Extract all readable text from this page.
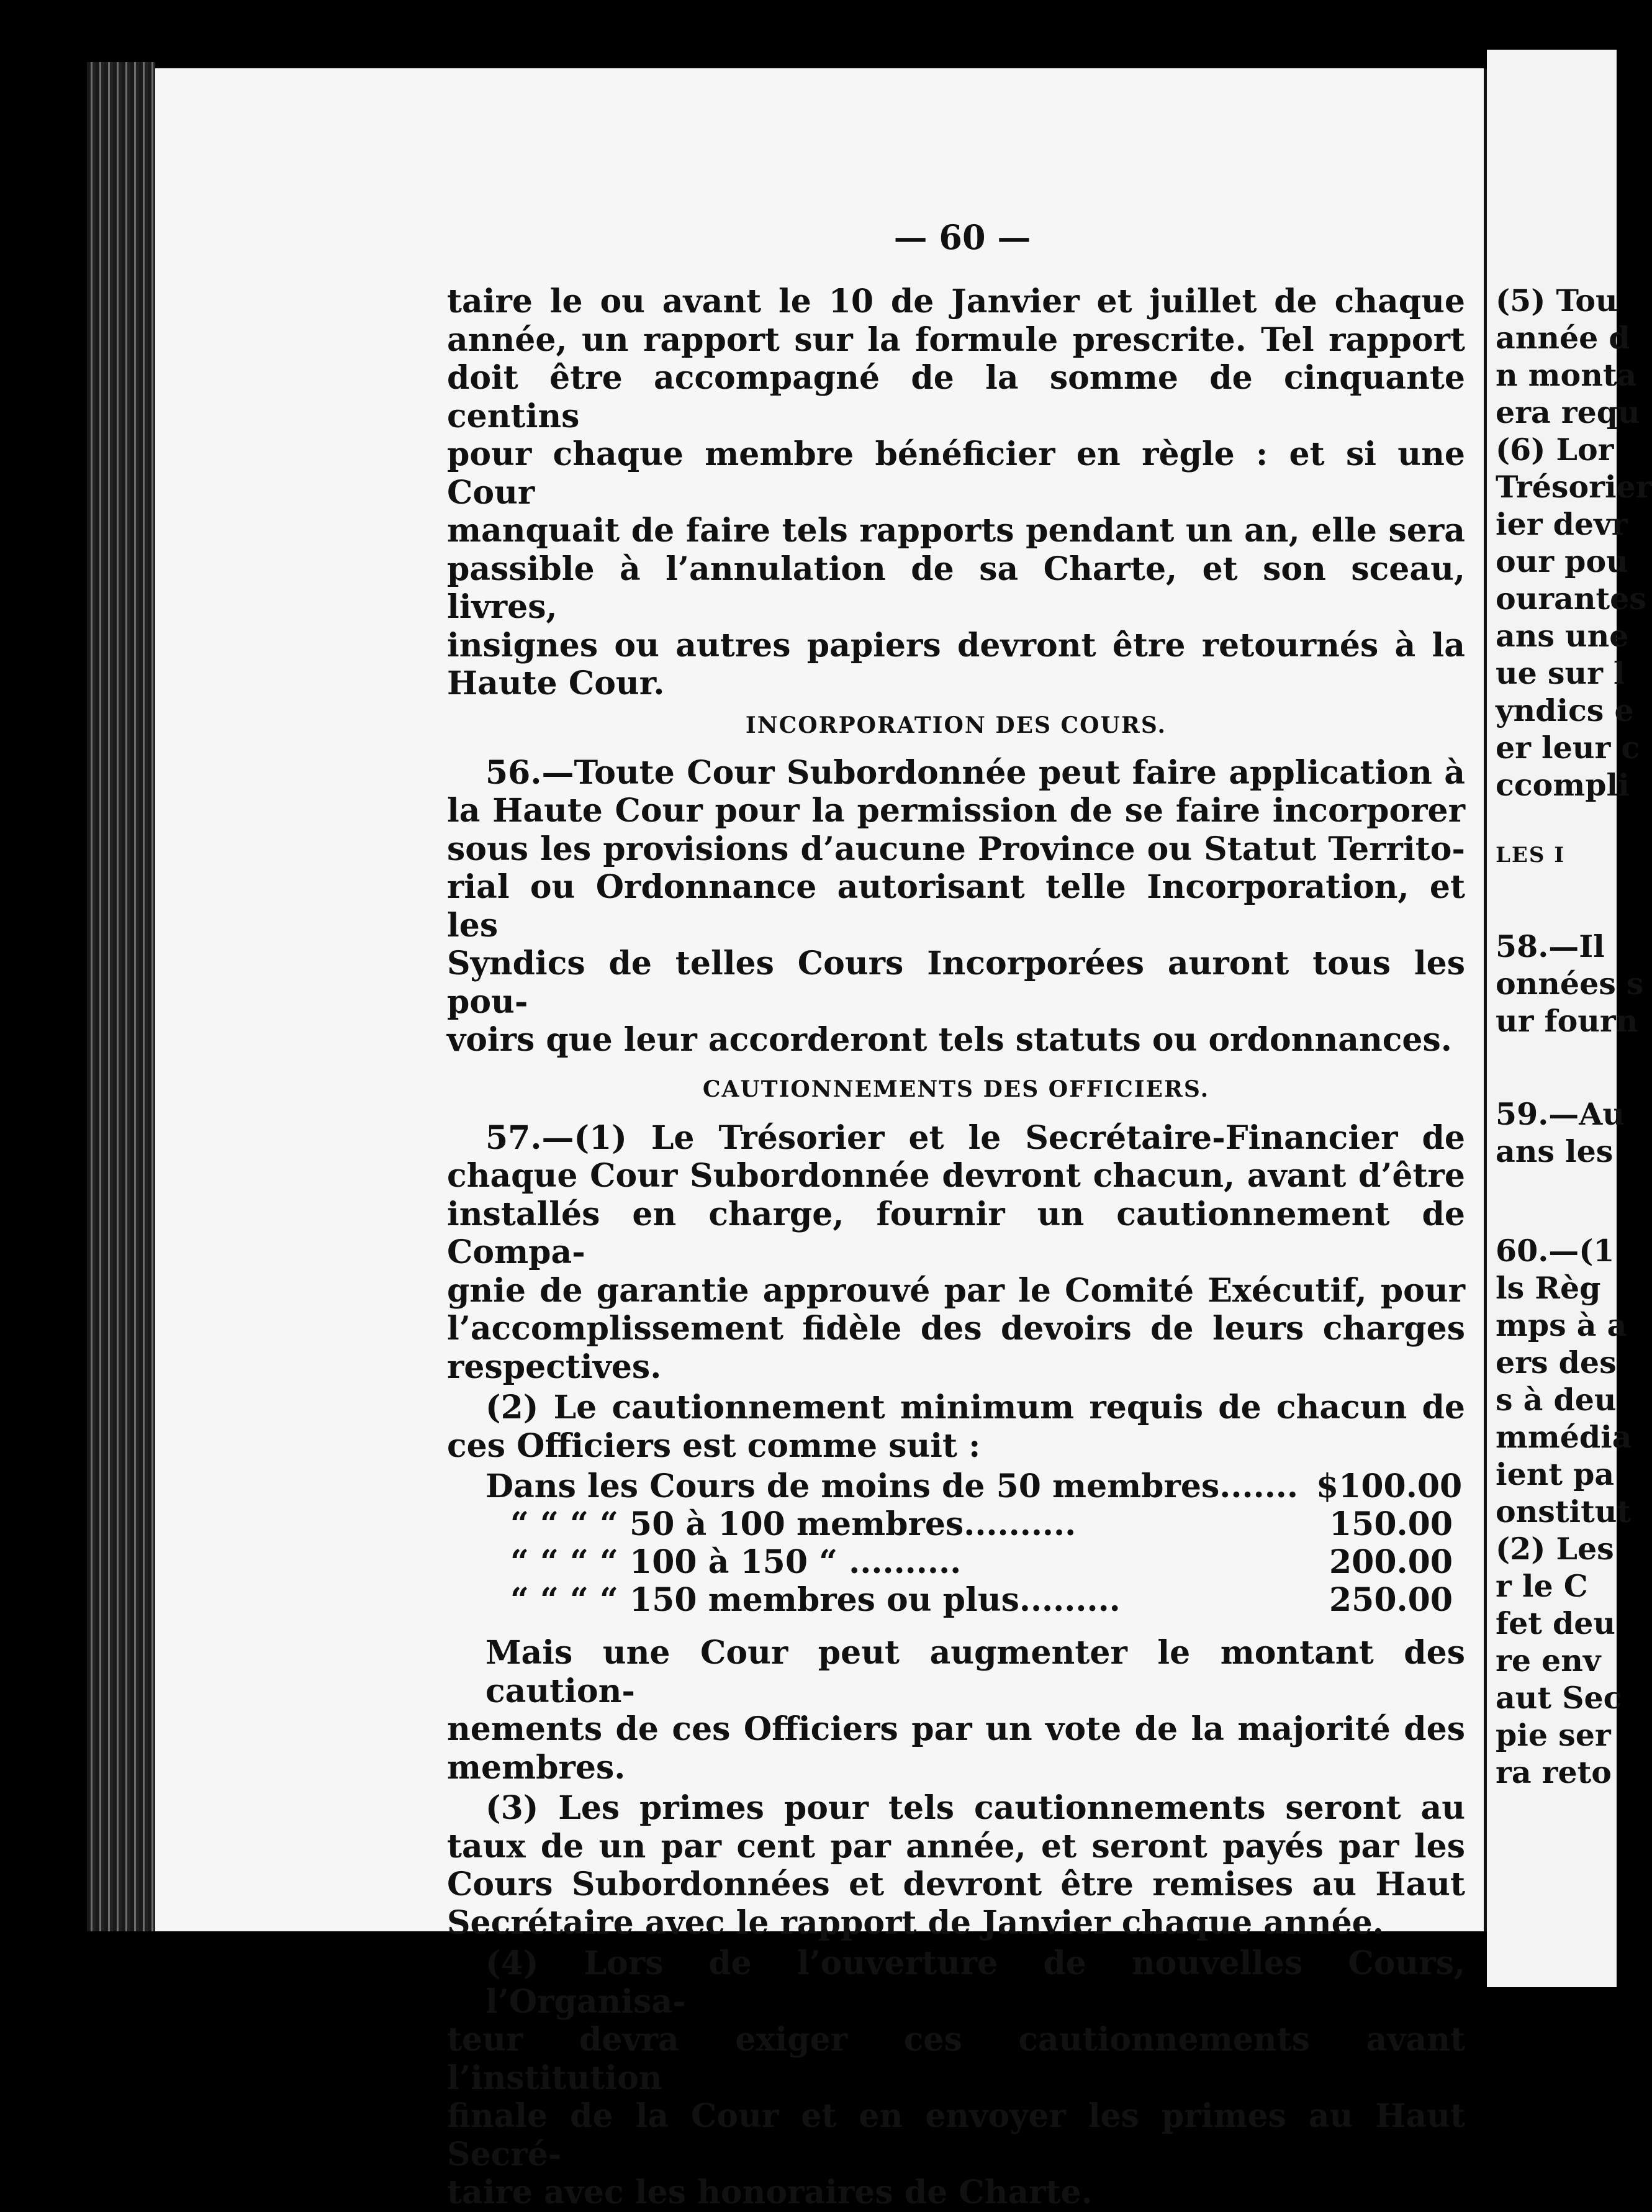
(5) Tou
année d
n monta
era requ
(6) Lor
Trésorier
ier devr
our pou
ourantes
ans une
ue sur l
yndics e
er leur c
ccompli
LES I
58.—Il
onnées s
ur fourn
59.—Au
ans les
60.—(1
ls Règ
mps à a
ers des
s à deu
mmédia
ient pa
onstitut
(2) Les
r le C
fet deu
re env
aut Sec
pie ser
ra reto
— 60 —
taire le ou avant le 10 de Janvier et juillet de chaque
année, un rapport sur la formule prescrite. Tel rapport
doit être accompagné de la somme de cinquante centins
pour chaque membre bénéficier en règle : et si une Cour
manquait de faire tels rapports pendant un an, elle sera
passible à l’annulation de sa Charte, et son sceau, livres,
insignes ou autres papiers devront être retournés à la
Haute Cour.
INCORPORATION DES COURS.
56.—Toute Cour Subordonnée peut faire application à
la Haute Cour pour la permission de se faire incorporer
sous les provisions d’aucune Province ou Statut Territo-
rial ou Ordonnance autorisant telle Incorporation, et les
Syndics de telles Cours Incorporées auront tous les pou-
voirs que leur accorderont tels statuts ou ordonnances.
CAUTIONNEMENTS DES OFFICIERS.
57.—(1) Le Trésorier et le Secrétaire-Financier de
chaque Cour Subordonnée devront chacun, avant d’être
installés en charge, fournir un cautionnement de Compa-
gnie de garantie approuvé par le Comité Exécutif, pour
l’accomplissement fidèle des devoirs de leurs charges
respectives.
(2) Le cautionnement minimum requis de chacun de
ces Officiers est comme suit :
Dans les Cours de moins de 50 membres....... $100.00
“ “ “ “ 50 à 100 membres..........	150.00
“ “ “ “ 100 à 150 “ ..........	200.00
“ “ “ “ 150 membres ou plus.........	250.00
Mais une Cour peut augmenter le montant des caution-
nements de ces Officiers par un vote de la majorité des
membres.
(3) Les primes pour tels cautionnements seront au
taux de un par cent par année, et seront payés par les
Cours Subordonnées et devront être remises au Haut
Secrétaire avec le rapport de Janvier chaque année.
(4) Lors de l’ouverture de nouvelles Cours, l’Organisa-
teur devra exiger ces cautionnements avant l’institution
finale de la Cour et en envoyer les primes au Haut Secré-
taire avec les honoraires de Charte.
